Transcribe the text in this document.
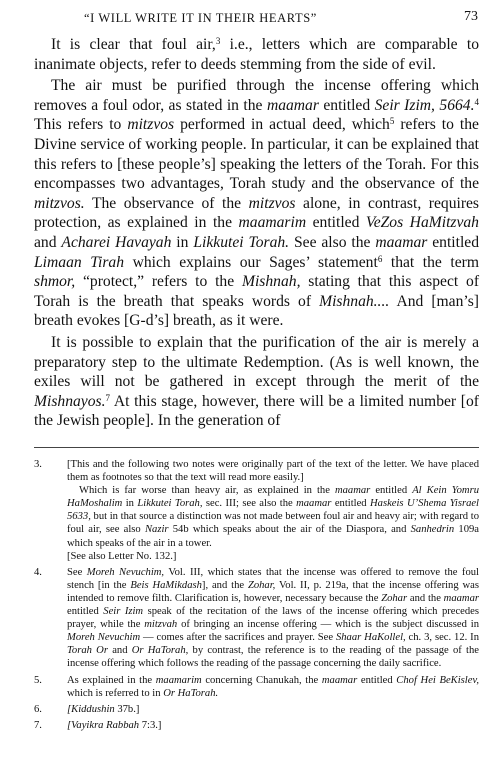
“I WILL WRITE IT IN THEIR HEARTS”	73

It is clear that foul air,$^3$ i.e., letters which are comparable to inanimate objects, refer to deeds stemming from the side of evil.

The air must be purified through the incense offering which removes a foul odor, as stated in the maamar entitled Seir Izim, 5664.$^4$ This refers to mitzvos performed in actual deed, which$^5$ refers to the Divine service of working people. In particular, it can be explained that this refers to [these people’s] speaking the letters of the Torah. For this encompasses two advantages, Torah study and the observance of the mitzvos. The observance of the mitzvos alone, in contrast, requires protection, as explained in the maamarim entitled VeZos HaMitzvah and Acharei Havayah in Likkutei Torah. See also the maamar entitled Limaan Tirah which explains our Sages’ statement$^6$ that the term shmor, “protect,” refers to the Mishnah, stating that this aspect of Torah is the breath that speaks words of Mishnah.... And [man’s] breath evokes [G-d’s] breath, as it were.

It is possible to explain that the purification of the air is merely a preparatory step to the ultimate Redemption. (As is well known, the exiles will not be gathered in except through the merit of the Mishnayos.$^7$ At this stage, however, there will be a limited number [of the Jewish people]. In the generation of

3. [This and the following two notes were originally part of the text of the letter. We have placed them as footnotes so that the text will read more easily.]
Which is far worse than heavy air, as explained in the maamar entitled Al Kein Yomru HaMoshalim in Likkutei Torah, sec. III; see also the maamar entitled Haskeis U’Shema Yisrael 5633, but in that source a distinction was not made between foul air and heavy air; with regard to foul air, see also Nazir 54b which speaks about the air of the Diaspora, and Sanhedrin 109a which speaks of the air in a tower.
[See also Letter No. 132.]
4. See Moreh Nevuchim, Vol. III, which states that the incense was offered to remove the foul stench [in the Beis HaMikdash], and the Zohar, Vol. II, p. 219a, that the incense offering was intended to remove filth. Clarification is, however, necessary because the Zohar and the maamar entitled Seir Izim speak of the recitation of the laws of the incense offering which precedes prayer, while the mitzvah of bringing an incense offering — which is the subject discussed in Moreh Nevuchim — comes after the sacrifices and prayer. See Shaar HaKollel, ch. 3, sec. 12. In Torah Or and Or HaTorah, by contrast, the reference is to the reading of the passage of the incense offering which follows the reading of the passage concerning the daily sacrifice.
5. As explained in the maamarim concerning Chanukah, the maamar entitled Chof Hei BeKislev, which is referred to in Or HaTorah.
6. [Kiddushin 37b.]
7. [Vayikra Rabbah 7:3.]
